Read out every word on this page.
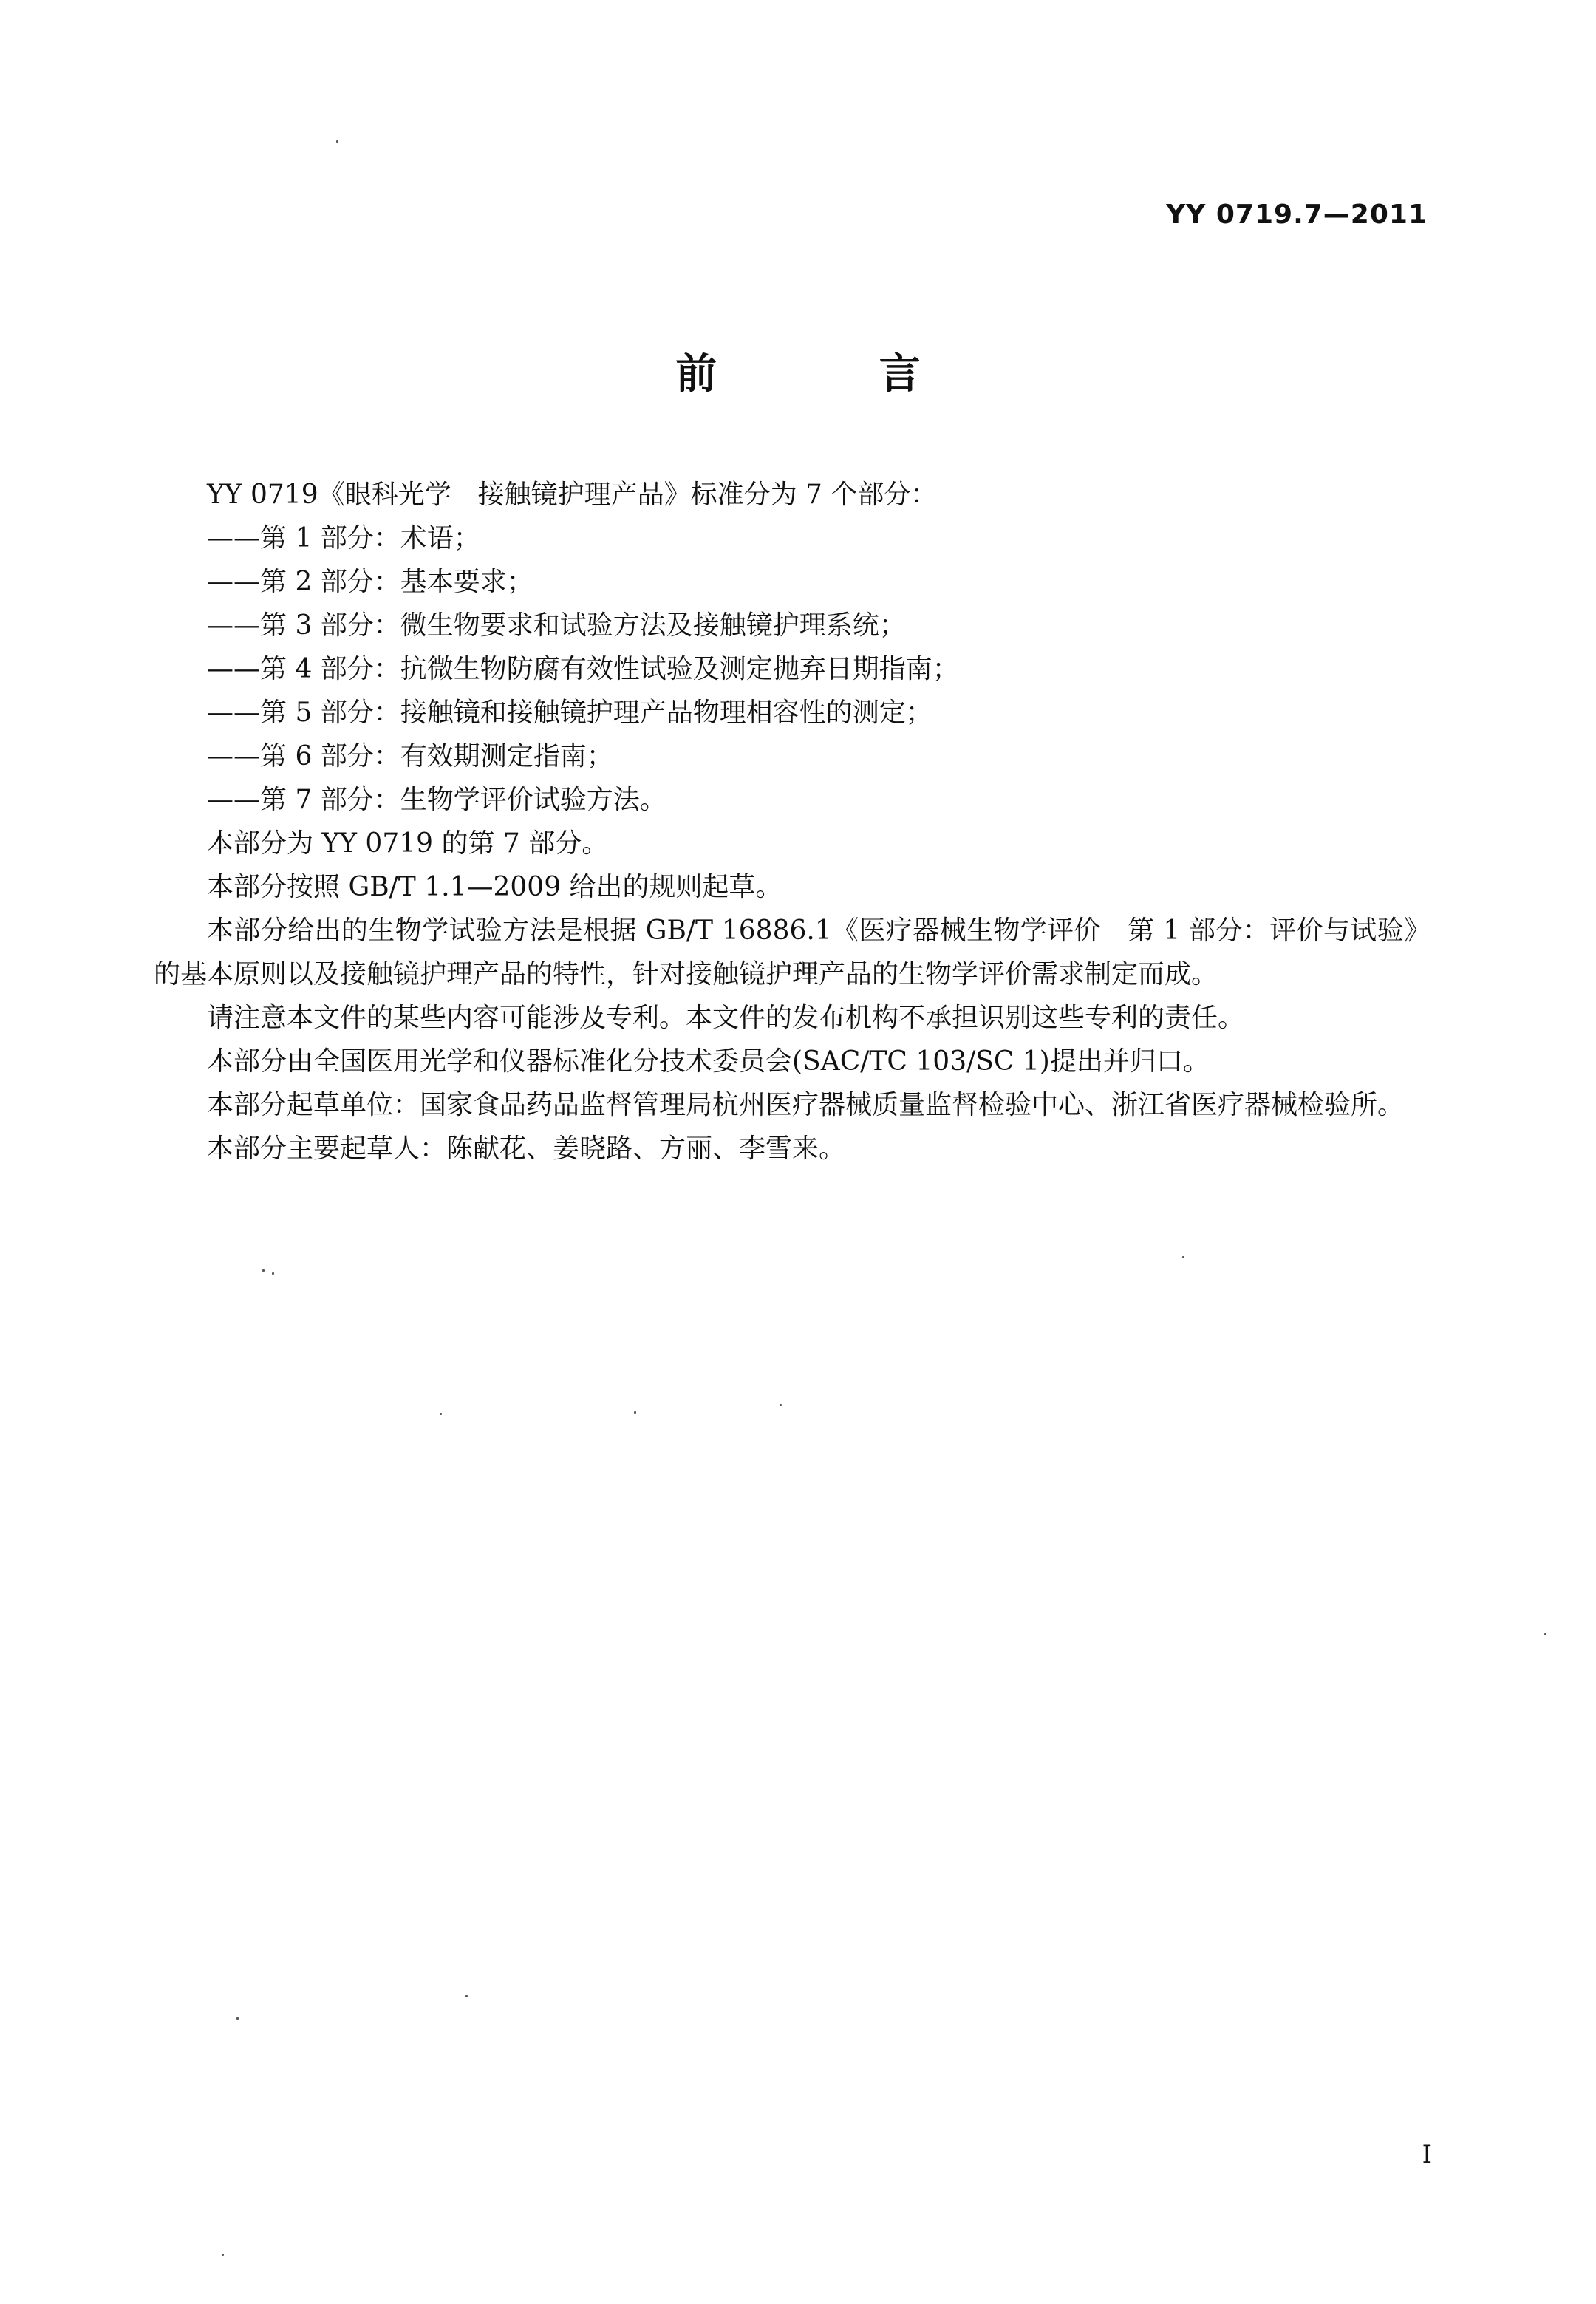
YY 0719.7—2011
前 言

YY 0719《眼科光学　接触镜护理产品》标准分为 7 个部分：

——第 1 部分：术语；

——第 2 部分：基本要求；

——第 3 部分：微生物要求和试验方法及接触镜护理系统；

——第 4 部分：抗微生物防腐有效性试验及测定抛弃日期指南；

——第 5 部分：接触镜和接触镜护理产品物理相容性的测定；

——第 6 部分：有效期测定指南；

——第 7 部分：生物学评价试验方法。

本部分为 YY 0719 的第 7 部分。

本部分按照 GB/T 1.1—2009 给出的规则起草。

本部分给出的生物学试验方法是根据 GB/T 16886.1《医疗器械生物学评价　第 1 部分：评价与试验》的基本原则以及接触镜护理产品的特性，针对接触镜护理产品的生物学评价需求制定而成。

请注意本文件的某些内容可能涉及专利。本文件的发布机构不承担识别这些专利的责任。

本部分由全国医用光学和仪器标准化分技术委员会(SAC/TC 103/SC 1)提出并归口。

本部分起草单位：国家食品药品监督管理局杭州医疗器械质量监督检验中心、浙江省医疗器械检验所。

本部分主要起草人：陈献花、姜晓路、方丽、李雪来。

I
